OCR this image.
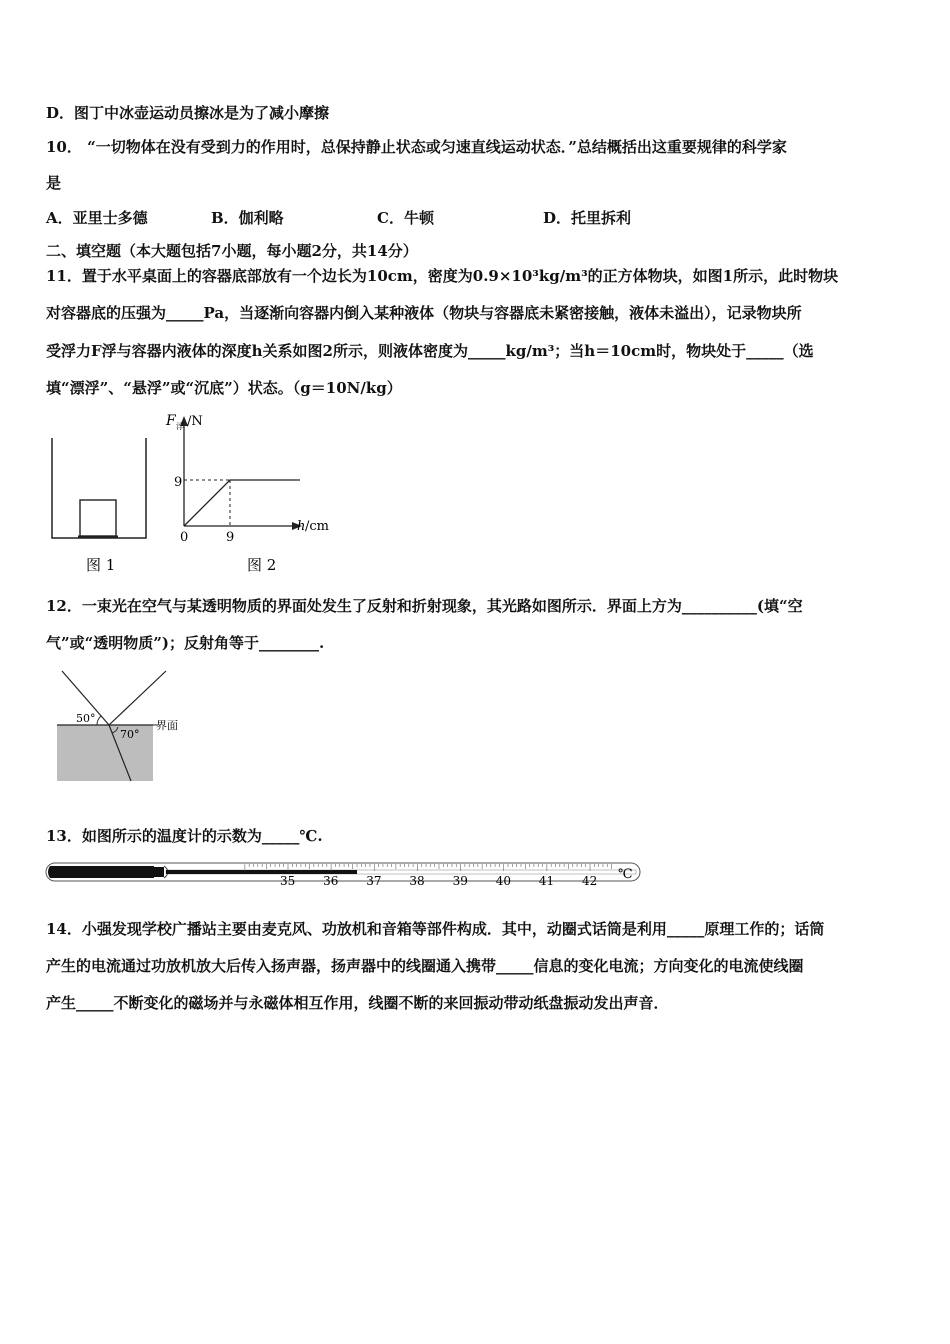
D．图丁中冰壶运动员擦冰是为了减小摩擦
10． “一切物体在没有受到力的作用时，总保持静止状态或匀速直线运动状态．”总结概括出这重要规律的科学家
是
A．亚里士多德	B．伽利略	C．牛顿	D．托里拆利
二、填空题（本大题包括7小题，每小题2分，共14分）
11．置于水平桌面上的容器底部放有一个边长为10cm，密度为0.9×10³kg/m³的正方体物块，如图1所示，此时物块
对容器底的压强为_____Pa，当逐渐向容器内倒入某种液体（物块与容器底未紧密接触，液体未溢出），记录物块所
受浮力F浮与容器内液体的深度h关系如图2所示，则液体密度为_____kg/m³；当h＝10cm时，物块处于_____（选
填“漂浮”、“悬浮”或“沉底”）状态。（g＝10N/kg）
图 1
F 浮 /N
9
0	9
h /cm
图 2
12．一束光在空气与某透明物质的界面处发生了反射和折射现象，其光路如图所示．界面上方为__________(填“空
气”或“透明物质”)；反射角等于________.
50°
70°
界面
13．如图所示的温度计的示数为_____℃.
35 36 37 38 39 40 41 42 ℃
14．小强发现学校广播站主要由麦克风、功放机和音箱等部件构成．其中，动圈式话筒是利用_____原理工作的；话筒
产生的电流通过功放机放大后传入扬声器，扬声器中的线圈通入携带_____信息的变化电流；方向变化的电流使线圈
产生_____不断变化的磁场并与永磁体相互作用，线圈不断的来回振动带动纸盘振动发出声音．
